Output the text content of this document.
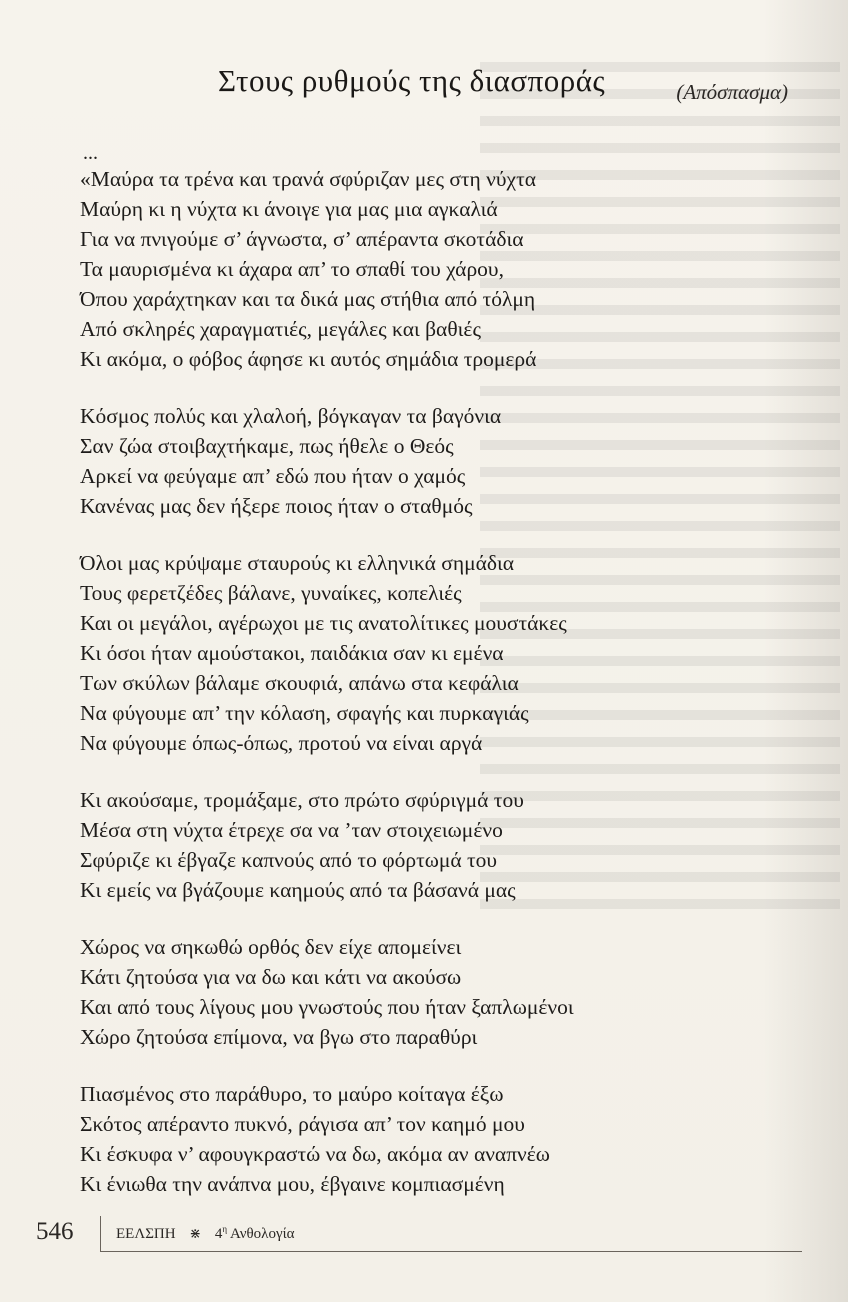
Στους ρυθμούς της διασποράς	(Απόσπασμα)
...
«Μαύρα τα τρένα και τρανά σφύριζαν μες στη νύχτα
Μαύρη κι η νύχτα κι άνοιγε για μας μια αγκαλιά
Για να πνιγούμε σ’ άγνωστα, σ’ απέραντα σκοτάδια
Τα μαυρισμένα κι άχαρα απ’ το σπαθί του χάρου,
Όπου χαράχτηκαν και τα δικά μας στήθια από τόλμη
Από σκληρές χαραγματιές, μεγάλες και βαθιές
Κι ακόμα, ο φόβος άφησε κι αυτός σημάδια τρομερά
Κόσμος πολύς και χλαλοή, βόγκαγαν τα βαγόνια
Σαν ζώα στοιβαχτήκαμε, πως ήθελε ο Θεός
Αρκεί να φεύγαμε απ’ εδώ που ήταν ο χαμός
Κανένας μας δεν ήξερε ποιος ήταν ο σταθμός
Όλοι μας κρύψαμε σταυρούς κι ελληνικά σημάδια
Τους φερετζέδες βάλανε, γυναίκες, κοπελιές
Και οι μεγάλοι, αγέρωχοι με τις ανατολίτικες μουστάκες
Κι όσοι ήταν αμούστακοι, παιδάκια σαν κι εμένα
Των σκύλων βάλαμε σκουφιά, απάνω στα κεφάλια
Να φύγουμε απ’ την κόλαση, σφαγής και πυρκαγιάς
Να φύγουμε όπως-όπως, προτού να είναι αργά
Κι ακούσαμε, τρομάξαμε, στο πρώτο σφύριγμά του
Μέσα στη νύχτα έτρεχε σα να ’ταν στοιχειωμένο
Σφύριζε κι έβγαζε καπνούς από το φόρτωμά του
Κι εμείς να βγάζουμε καημούς από τα βάσανά μας
Χώρος να σηκωθώ ορθός δεν είχε απομείνει
Κάτι ζητούσα για να δω και κάτι να ακούσω
Και από τους λίγους μου γνωστούς που ήταν ξαπλωμένοι
Χώρο ζητούσα επίμονα, να βγω στο παραθύρι
Πιασμένος στο παράθυρο, το μαύρο κοίταγα έξω
Σκότος απέραντο πυκνό, ράγισα απ’ τον καημό μου
Κι έσκυφα ν’ αφουγκραστώ να δω, ακόμα αν αναπνέω
Κι ένιωθα την ανάπνα μου, έβγαινε κομπιασμένη
546	ΕΕΛΣΠΗ ⋇ $4^\eta$ Ανθολογία
